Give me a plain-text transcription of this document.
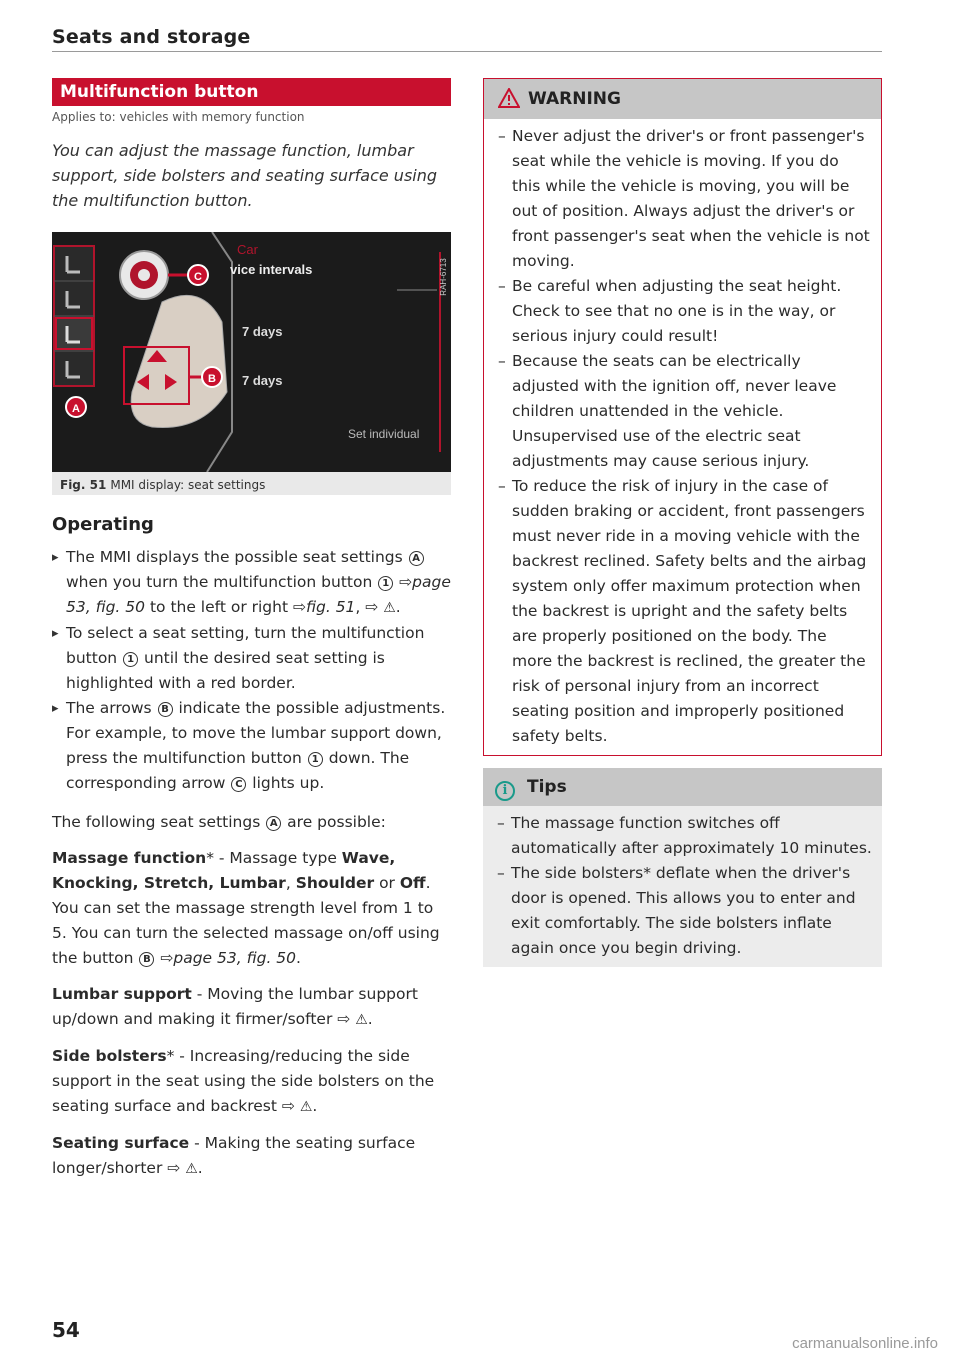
Seats and storage
Multifunction button
Applies to: vehicles with memory function
You can adjust the massage function, lumbar support, side bolsters and seating surface using the multifunction button.
Car
vice intervals
7 days
7 days
Set individual
RAH-6713
C
B
A
Fig. 51 MMI display: seat settings
Operating
▸ The MMI displays the possible seat settings A when you turn the multifunction button 1 ⇨page 53, fig. 50 to the left or right ⇨fig. 51, ⇨ ⚠.
▸ To select a seat setting, turn the multifunction button 1 until the desired seat setting is highlighted with a red border.
▸ The arrows B indicate the possible adjustments. For example, to move the lumbar support down, press the multifunction button 1 down. The corresponding arrow C lights up.

The following seat settings A are possible:

Massage function* - Massage type Wave, Knocking, Stretch, Lumbar, Shoulder or Off. You can set the massage strength level from 1 to 5. You can turn the selected massage on/off using the button B ⇨page 53, fig. 50.

Lumbar support - Moving the lumbar support up/down and making it firmer/softer ⇨ ⚠.

Side bolsters* - Increasing/reducing the side support in the seat using the side bolsters on the seating surface and backrest ⇨ ⚠.

Seating surface - Making the seating surface longer/shorter ⇨ ⚠.

WARNING
– Never adjust the driver's or front passenger's seat while the vehicle is moving. If you do this while the vehicle is moving, you will be out of position. Always adjust the driver's or front passenger's seat when the vehicle is not moving.
– Be careful when adjusting the seat height. Check to see that no one is in the way, or serious injury could result!
– Because the seats can be electrically adjusted with the ignition off, never leave children unattended in the vehicle. Unsupervised use of the electric seat adjustments may cause serious injury.
– To reduce the risk of injury in the case of sudden braking or accident, front passengers must never ride in a moving vehicle with the backrest reclined. Safety belts and the airbag system only offer maximum protection when the backrest is upright and the safety belts are properly positioned on the body. The more the backrest is reclined, the greater the risk of personal injury from an incorrect seating position and improperly positioned safety belts.
i Tips
– The massage function switches off automatically after approximately 10 minutes.
– The side bolsters* deflate when the driver's door is opened. This allows you to enter and exit comfortably. The side bolsters inflate again once you begin driving.
54
carmanualsonline.info
